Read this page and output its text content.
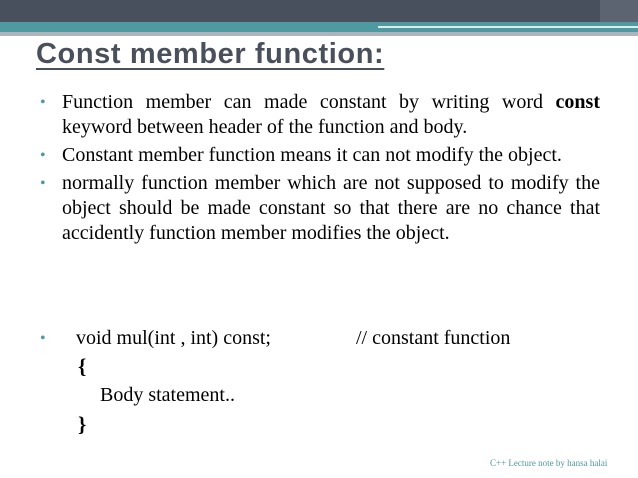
Const member function:
• Function member can made constant by writing word const keyword between header of the function and body.
• Constant member function means it can not modify the object.
• normally function member which are not supposed to modify the object should be made constant so that there are no chance that accidently function member modifies the object.
• void mul(int , int) const;	// constant function
{
Body statement..
}
C++ Lecture note by hansa halai
